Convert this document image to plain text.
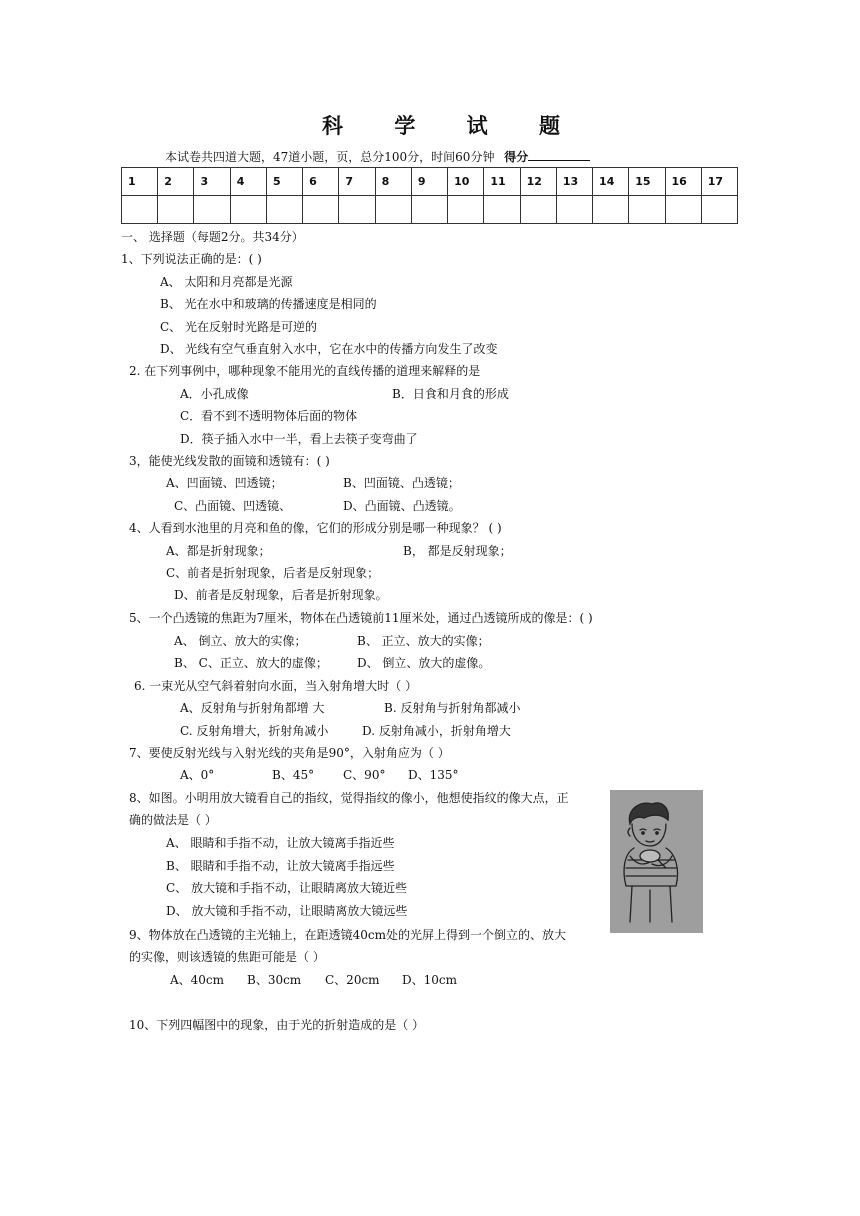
科 学 试 题
本试卷共四道大题，47道小题，页，总分100分，时间60分钟 得分
1	2	3	4	5	6	7	8	9	10	11	12	13	14	15	16	17

一、 选择题（每题2分。共34分）
1、下列说法正确的是：( )
A、 太阳和月亮都是光源
B、 光在水中和玻璃的传播速度是相同的
C、 光在反射时光路是可逆的
D、 光线有空气垂直射入水中，它在水中的传播方向发生了改变
2. 在下列事例中，哪种现象不能用光的直线传播的道理来解释的是
A．小孔成像	B．日食和月食的形成
C．看不到不透明物体后面的物体
D．筷子插入水中一半，看上去筷子变弯曲了
3，能使光线发散的面镜和透镜有：( )
A、凹面镜、凹透镜；	B、凹面镜、凸透镜；
C、凸面镜、凹透镜、	D、凸面镜、凸透镜。
4、人看到水池里的月亮和鱼的像，它们的形成分别是哪一种现象？ ( )
A、都是折射现象；	B， 都是反射现象；
C、前者是折射现象，后者是反射现象；
D、前者是反射现象，后者是折射现象。
5、一个凸透镜的焦距为7厘米，物体在凸透镜前11厘米处，通过凸透镜所成的像是：( )
A、 倒立、放大的实像；	B、 正立、放大的实像；
B、 C、正立、放大的虚像； D、 倒立、放大的虚像。
6. 一束光从空气斜着射向水面，当入射角增大时（ ）
A、反射角与折射角都增 大	B. 反射角与折射角都减小
C. 反射角增大，折射角减小	D. 反射角减小，折射角增大
7、要使反射光线与入射光线的夹角是90°，入射角应为（ ）
A、0°	B、45° C、90° D、135°
8、如图。小明用放大镜看自己的指纹，觉得指纹的像小，他想使指纹的像大点，正
确的做法是（ ）
A、 眼睛和手指不动，让放大镜离手指近些
B、 眼睛和手指不动，让放大镜离手指远些
C、 放大镜和手指不动，让眼睛离放大镜近些
D、 放大镜和手指不动，让眼睛离放大镜远些
9、物体放在凸透镜的主光轴上，在距透镜40cm处的光屏上得到一个倒立的、放大
的实像，则该透镜的焦距可能是（ ）
A、40cm B、30cm C、20cm D、10cm
10、下列四幅图中的现象，由于光的折射造成的是（ ）
